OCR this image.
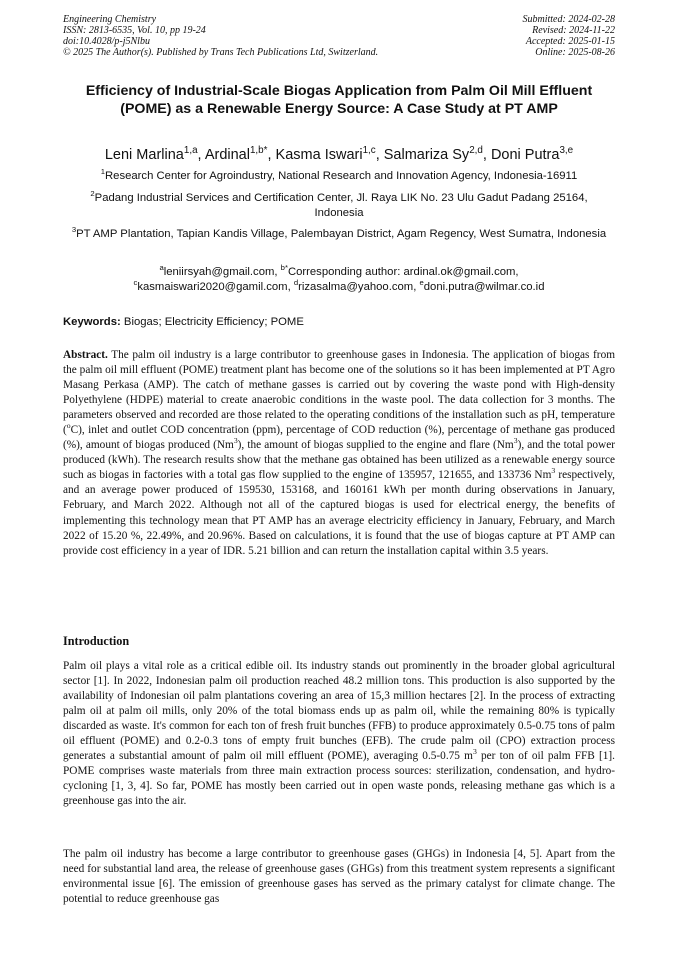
Engineering Chemistry
ISSN: 2813-6535, Vol. 10, pp 19-24
doi:10.4028/p-j5Nlbu
© 2025 The Author(s). Published by Trans Tech Publications Ltd, Switzerland.
Submitted: 2024-02-28
Revised: 2024-11-22
Accepted: 2025-01-15
Online: 2025-08-26
Efficiency of Industrial-Scale Biogas Application from Palm Oil Mill Effluent (POME) as a Renewable Energy Source: A Case Study at PT AMP
Leni Marlina$^{1,a}$, Ardinal$^{1,b*}$, Kasma Iswari$^{1,c}$, Salmariza Sy$^{2,d}$, Doni Putra$^{3,e}$
$^1$Research Center for Agroindustry, National Research and Innovation Agency, Indonesia-16911
$^2$Padang Industrial Services and Certification Center, Jl. Raya LIK No. 23 Ulu Gadut Padang 25164, Indonesia
$^3$PT AMP Plantation, Tapian Kandis Village, Palembayan District, Agam Regency, West Sumatra, Indonesia
$^a$leniirsyah@gmail.com, $^{b*}$Corresponding author: ardinal.ok@gmail.com,
$^c$kasmaiswari2020@gamil.com, $^d$rizasalma@yahoo.com, $^e$doni.putra@wilmar.co.id
Keywords: Biogas; Electricity Efficiency; POME

Abstract. The palm oil industry is a large contributor to greenhouse gases in Indonesia. The application of biogas from the palm oil mill effluent (POME) treatment plant has become one of the solutions so it has been implemented at PT Agro Masang Perkasa (AMP). The catch of methane gasses is carried out by covering the waste pond with High-density Polyethylene (HDPE) material to create anaerobic conditions in the waste pool. The data collection for 3 months. The parameters observed and recorded are those related to the operating conditions of the installation such as pH, temperature ($^o$C), inlet and outlet COD concentration (ppm), percentage of COD reduction (%), percentage of methane gas produced (%), amount of biogas produced (Nm$^3$), the amount of biogas supplied to the engine and flare (Nm$^3$), and the total power produced (kWh). The research results show that the methane gas obtained has been utilized as a renewable energy source such as biogas in factories with a total gas flow supplied to the engine of 135957, 121655, and 133736 Nm$^3$ respectively, and an average power produced of 159530, 153168, and 160161 kWh per month during observations in January, February, and March 2022. Although not all of the captured biogas is used for electrical energy, the benefits of implementing this technology mean that PT AMP has an average electricity efficiency in January, February, and March 2022 of 15.20 %, 22.49%, and 20.96%. Based on calculations, it is found that the use of biogas capture at PT AMP can provide cost efficiency in a year of IDR. 5.21 billion and can return the installation capital within 3.5 years.

Introduction

Palm oil plays a vital role as a critical edible oil. Its industry stands out prominently in the broader global agricultural sector [1]. In 2022, Indonesian palm oil production reached 48.2 million tons. This production is also supported by the availability of Indonesian oil palm plantations covering an area of 15,3 million hectares [2]. In the process of extracting palm oil at palm oil mills, only 20% of the total biomass ends up as palm oil, while the remaining 80% is typically discarded as waste. It's common for each ton of fresh fruit bunches (FFB) to produce approximately 0.5-0.75 tons of palm oil effluent (POME) and 0.2-0.3 tons of empty fruit bunches (EFB). The crude palm oil (CPO) extraction process generates a substantial amount of palm oil mill effluent (POME), averaging 0.5-0.75 $m^3$ per ton of oil palm FFB [1]. POME comprises waste materials from three main extraction process sources: sterilization, condensation, and hydro-cycloning [1, 3, 4]. So far, POME has mostly been carried out in open waste ponds, releasing methane gas which is a greenhouse gas into the air.

The palm oil industry has become a large contributor to greenhouse gases (GHGs) in Indonesia [4, 5]. Apart from the need for substantial land area, the release of greenhouse gases (GHGs) from this treatment system represents a significant environmental issue [6]. The emission of greenhouse gases has served as the primary catalyst for climate change. The potential to reduce greenhouse gas
